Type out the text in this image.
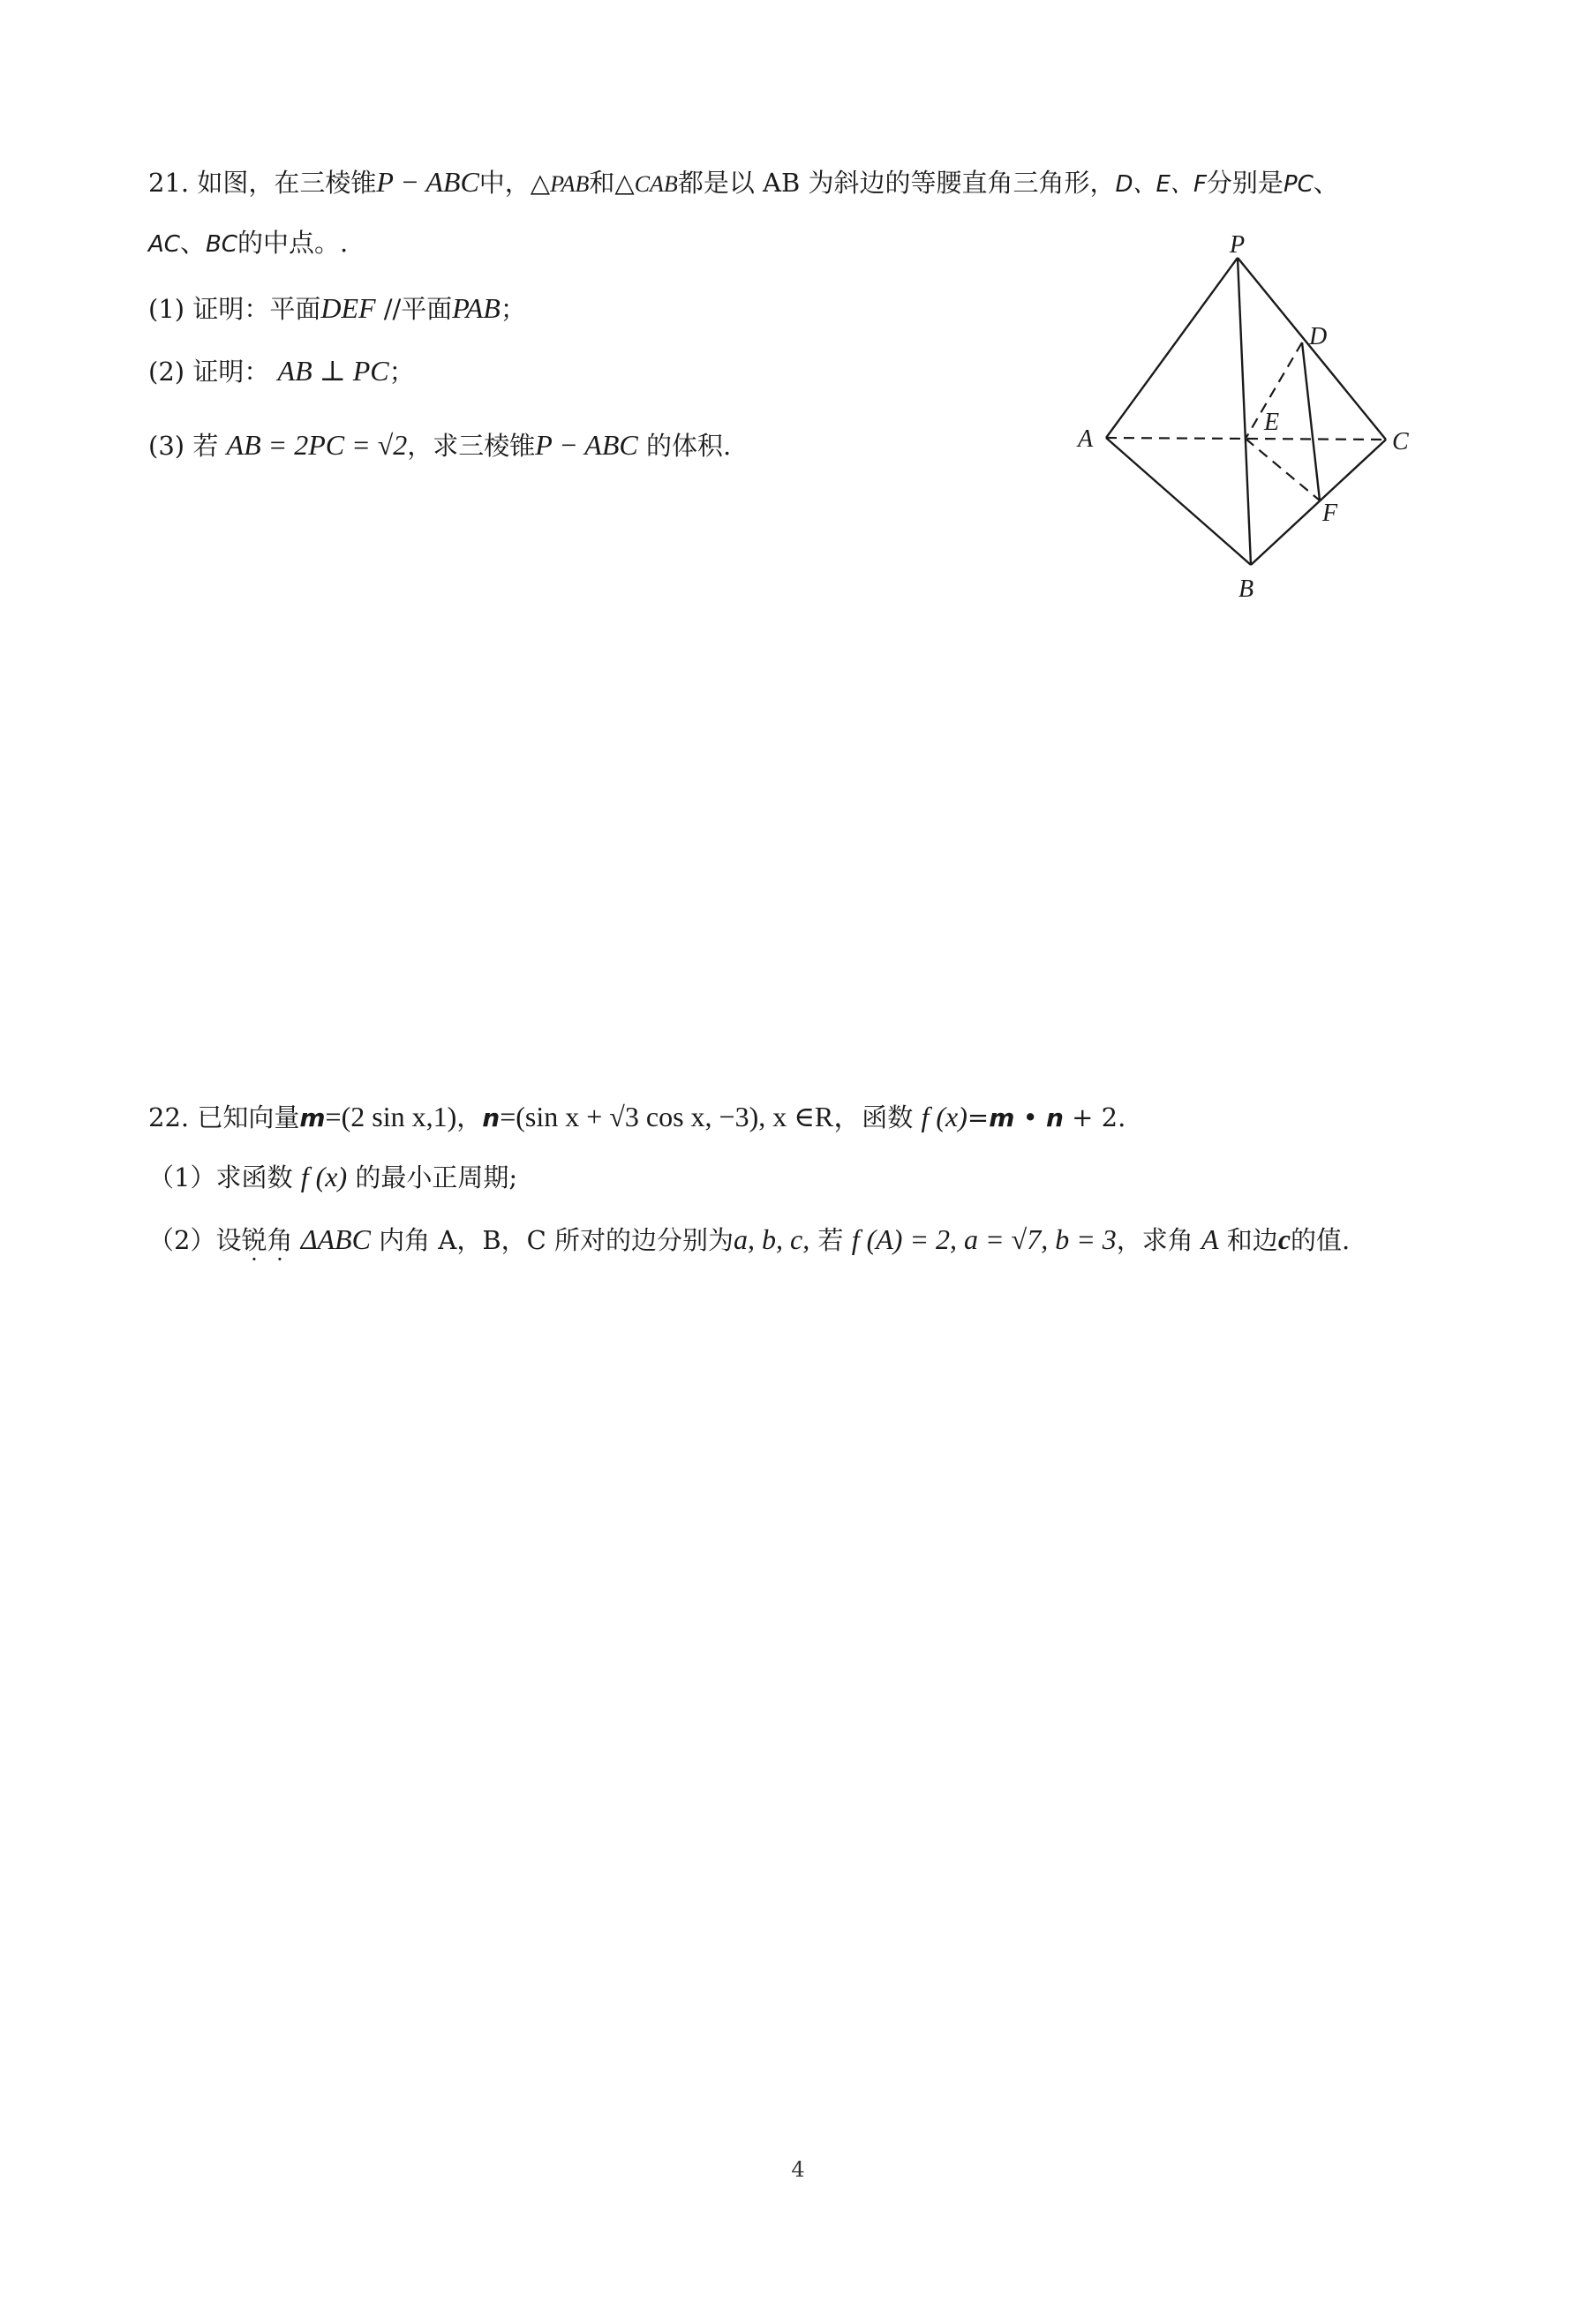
21. 如图，在三棱锥P − ABC中，△PAB和△CAB都是以 AB 为斜边的等腰直角三角形，D、E、F分别是PC、
AC、BC的中点。.
(1) 证明：平面DEF //平面PAB；
(2) 证明： AB ⊥ PC；
(3) 若 AB = 2PC = √2，求三棱锥P − ABC 的体积.
P
D
E
A	C
F
B
22. 已知向量m=(2 sin x,1)，n=(sin x + √3 cos x, −3), x ∈R，函数 f (x)=m • n + 2.
（1）求函数 f (x) 的最小正周期;
（2）设锐角 ΔABC 内角 A，B，C 所对的边分别为a, b, c, 若 f (A) = 2, a = √7, b = 3，求角 A 和边c的值.
4
